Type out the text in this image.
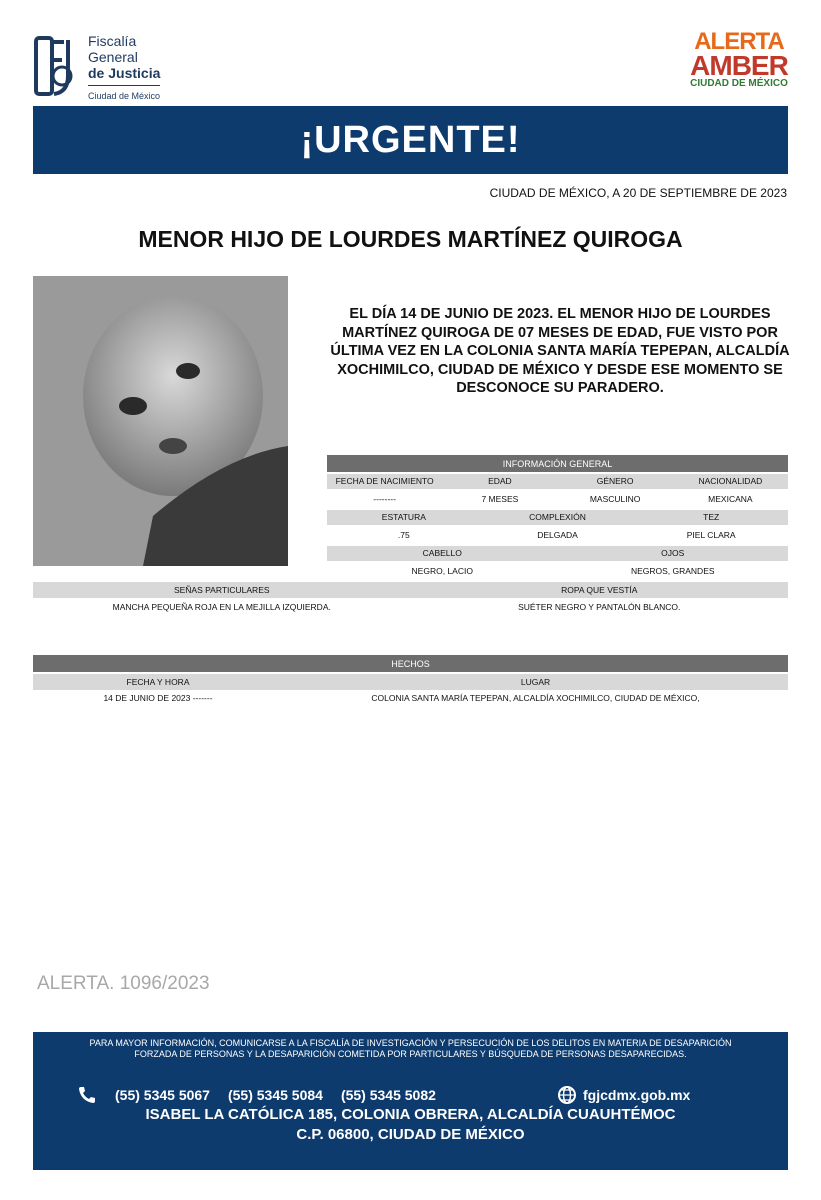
Fiscalía
General
de Justicia
Ciudad de México
ALERTA
AMBER
CIUDAD DE MÉXICO
¡URGENTE!
CIUDAD DE MÉXICO, A 20 DE SEPTIEMBRE DE 2023
MENOR HIJO DE LOURDES MARTÍNEZ QUIROGA
EL DÍA 14 DE JUNIO DE 2023. EL MENOR HIJO DE LOURDES MARTÍNEZ QUIROGA DE 07 MESES DE EDAD, FUE VISTO POR ÚLTIMA VEZ EN LA COLONIA SANTA MARÍA TEPEPAN, ALCALDÍA XOCHIMILCO, CIUDAD DE MÉXICO Y DESDE ESE MOMENTO SE DESCONOCE SU PARADERO.
INFORMACIÓN GENERAL
FECHA DE NACIMIENTO	EDAD	GÉNERO	NACIONALIDAD
--------	7 MESES	MASCULINO	MEXICANA
ESTATURA	COMPLEXIÓN	TEZ
.75	DELGADA	PIEL CLARA
CABELLO	OJOS
NEGRO, LACIO	NEGROS, GRANDES
SEÑAS PARTICULARES	ROPA QUE VESTÍA
MANCHA PEQUEÑA ROJA EN LA MEJILLA IZQUIERDA.	SUÉTER NEGRO Y PANTALÓN BLANCO.
HECHOS
FECHA Y HORA	LUGAR
14 DE JUNIO DE 2023 -------	COLONIA SANTA MARÍA TEPEPAN, ALCALDÍA XOCHIMILCO, CIUDAD DE MÉXICO,
ALERTA. 1096/2023
PARA MAYOR INFORMACIÓN, COMUNICARSE A LA FISCALÍA DE INVESTIGACIÓN Y PERSECUCIÓN DE LOS DELITOS EN MATERIA DE DESAPARICIÓN
FORZADA DE PERSONAS Y LA DESAPARICIÓN COMETIDA POR PARTICULARES Y BÚSQUEDA DE PERSONAS DESAPARECIDAS.
(55) 5345 5067 (55) 5345 5084 (55) 5345 5082	fgjcdmx.gob.mx
ISABEL LA CATÓLICA 185, COLONIA OBRERA, ALCALDÍA CUAUHTÉMOC
C.P. 06800, CIUDAD DE MÉXICO
